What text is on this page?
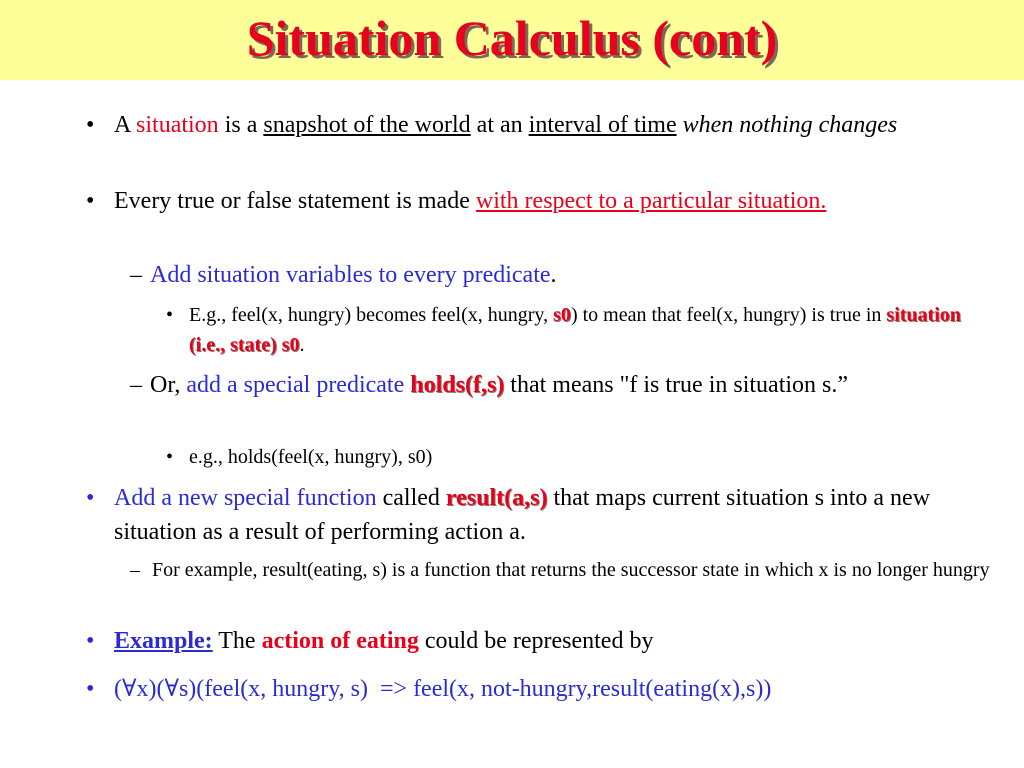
Situation Calculus (cont)
• A situation is a snapshot of the world at an interval of time when nothing changes
• Every true or false statement is made with respect to a particular situation.
– Add situation variables to every predicate.
• E.g., feel(x, hungry) becomes feel(x, hungry, s0) to mean that feel(x, hungry) is true in situation (i.e., state) s0.
– Or, add a special predicate holds(f,s) that means "f is true in situation s.”
• e.g., holds(feel(x, hungry), s0)
• Add a new special function called result(a,s) that maps current situation s into a new situation as a result of performing action a.
– For example, result(eating, s) is a function that returns the successor state in which x is no longer hungry
• Example: The action of eating could be represented by
• (∀x)(∀s)(feel(x, hungry, s)  => feel(x, not-hungry,result(eating(x),s))
